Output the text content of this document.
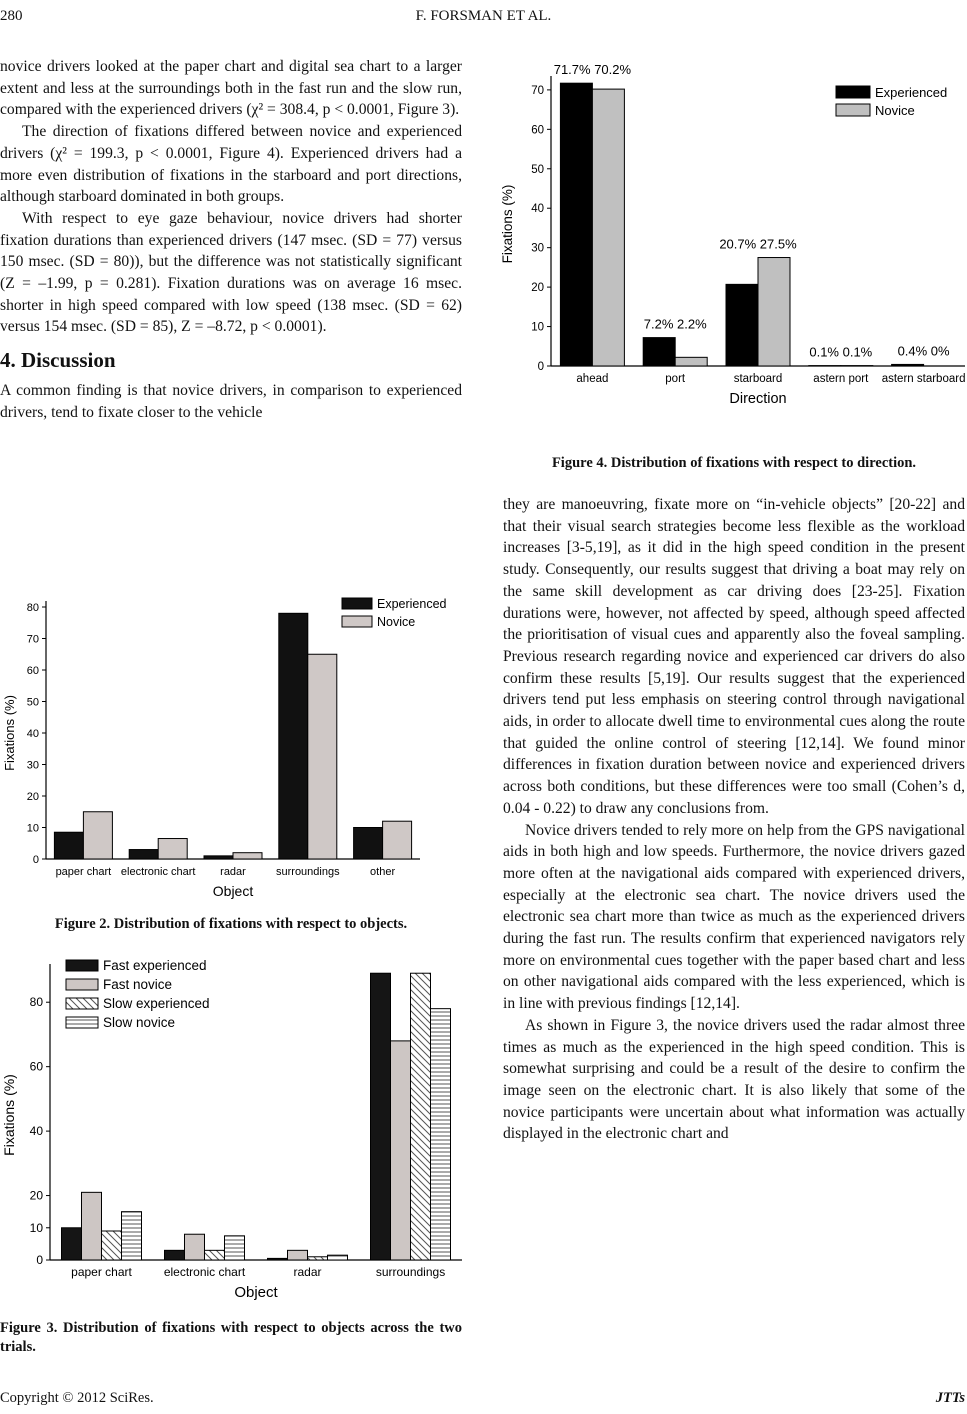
280	F. FORSMAN ET AL.

novice drivers looked at the paper chart and digital sea chart to a larger extent and less at the surroundings both in the fast run and the slow run, compared with the experienced drivers (χ² = 308.4, p < 0.0001, Figure 3).

The direction of fixations differed between novice and experienced drivers (χ² = 199.3, p < 0.0001, Figure 4). Experienced drivers had a more even distribution of fixations in the starboard and port directions, although starboard dominated in both groups.

With respect to eye gaze behaviour, novice drivers had shorter fixation durations than experienced drivers (147 msec. (SD = 77) versus 150 msec. (SD = 80)), but the difference was not statistically significant (Z = –1.99, p = 0.281). Fixation durations was on average 16 msec. shorter in high speed compared with low speed (138 msec. (SD = 62) versus 154 msec. (SD = 85), Z = –8.72, p < 0.0001).

4. Discussion

A common finding is that novice drivers, in comparison to experienced drivers, tend to fixate closer to the vehicle

0
10
20
30
40
50
60
70
80
paper chart electronic chart radar	surroundings	other
Object
Fixations (%)
Experienced
Novice
Figure 2. Distribution of fixations with respect to objects.
0
10
20
40
60
80
paper chart	electronic chart	radar	surroundings
Object
Fixations (%)
Fast experienced
Fast novice
Slow experienced
Slow novice
Figure 3. Distribution of fixations with respect to objects across the two trials.
0
10
20
30
40
50
60
70
ahead
71.7% 70.2%
port
7.2% 2.2%
starboard
20.7% 27.5%
astern port
0.1% 0.1%
astern starboard
0.4% 0%
Direction
Fixations (%)
Experienced
Novice
Figure 4. Distribution of fixations with respect to direction.

they are manoeuvring, fixate more on “in-vehicle objects” [20-22] and that their visual search strategies become less flexible as the workload increases [3-5,19], as it did in the high speed condition in the present study. Consequently, our results suggest that driving a boat may rely on the same skill development as car driving does [23-25]. Fixation durations were, however, not affected by speed, although speed affected the prioritisation of visual cues and apparently also the foveal sampling. Previous research regarding novice and experienced car drivers do also confirm these results [5,19]. Our results suggest that the experienced drivers tend put less emphasis on steering control through navigational aids, in order to allocate dwell time to environmental cues along the route that guided the online control of steering [12,14]. We found minor differences in fixation duration between novice and experienced drivers across both conditions, but these differences were too small (Cohen’s d, 0.04 - 0.22) to draw any conclusions from.

Novice drivers tended to rely more on help from the GPS navigational aids in both high and low speeds. Furthermore, the novice drivers gazed more often at the navigational aids compared with experienced drivers, especially at the electronic sea chart. The novice drivers used the electronic sea chart more than twice as much as the experienced drivers during the fast run. The results confirm that experienced navigators rely more on environmental cues together with the paper based chart and less on other navigational aids compared with the less experienced, which is in line with previous findings [12,14].

As shown in Figure 3, the novice drivers used the radar almost three times as much as the experienced in the high speed condition. This is somewhat surprising and could be a result of the desire to confirm the image seen on the electronic chart. It is also likely that some of the novice participants were uncertain about what information was actually displayed in the electronic chart and

Copyright © 2012 SciRes.	JTTs
